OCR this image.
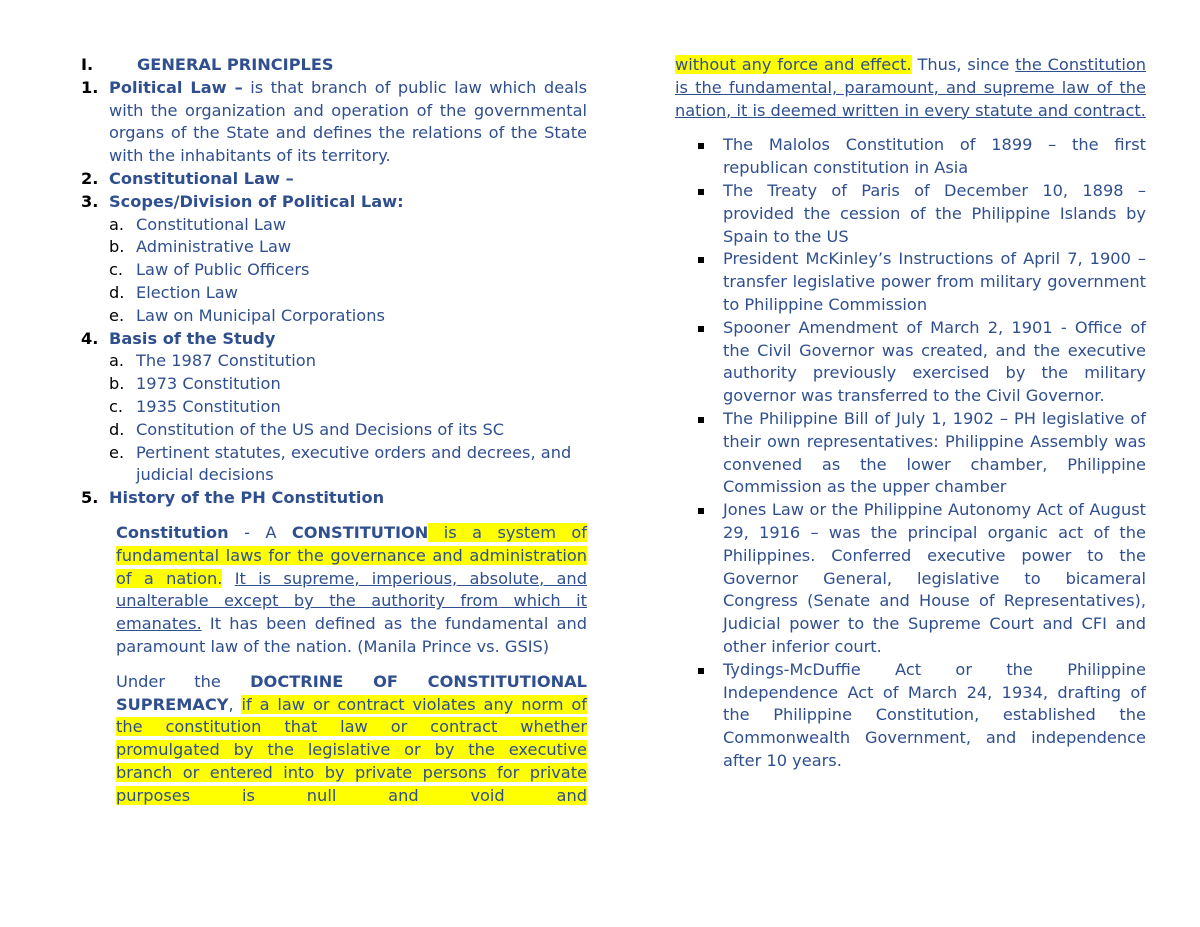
I.	GENERAL PRINCIPLES
1. Political Law – is that branch of public law which deals with the organization and operation of the governmental organs of the State and defines the relations of the State with the inhabitants of its territory.
2. Constitutional Law –
3. Scopes/Division of Political Law:
a. Constitutional Law
b. Administrative Law
c. Law of Public Officers
d. Election Law
e. Law on Municipal Corporations
4. Basis of the Study
a. The 1987 Constitution
b. 1973 Constitution
c. 1935 Constitution
d. Constitution of the US and Decisions of its SC
e. Pertinent statutes, executive orders and decrees, and judicial decisions
5. History of the PH Constitution
Constitution - A CONSTITUTION is a system of fundamental laws for the governance and administration of a nation. It is supreme, imperious, absolute, and unalterable except by the authority from which it emanates. It has been defined as the fundamental and paramount law of the nation. (Manila Prince vs. GSIS)
Under the DOCTRINE OF CONSTITUTIONAL SUPREMACY, if a law or contract violates any norm of the constitution that law or contract whether promulgated by the legislative or by the executive branch or entered into by private persons for private purposes is null and void and
without any force and effect. Thus, since the Constitution is the fundamental, paramount, and supreme law of the nation, it is deemed written in every statute and contract.
The Malolos Constitution of 1899 – the first republican constitution in Asia
The Treaty of Paris of December 10, 1898 – provided the cession of the Philippine Islands by Spain to the US
President McKinley’s Instructions of April 7, 1900 – transfer legislative power from military government to Philippine Commission
Spooner Amendment of March 2, 1901 - Office of the Civil Governor was created, and the executive authority previously exercised by the military governor was transferred to the Civil Governor.
The Philippine Bill of July 1, 1902 – PH legislative of their own representatives: Philippine Assembly was convened as the lower chamber, Philippine Commission as the upper chamber
Jones Law or the Philippine Autonomy Act of August 29, 1916 – was the principal organic act of the Philippines. Conferred executive power to the Governor General, legislative to bicameral Congress (Senate and House of Representatives), Judicial power to the Supreme Court and CFI and other inferior court.
Tydings-McDuffie Act or the Philippine Independence Act of March 24, 1934, drafting of the Philippine Constitution, established the Commonwealth Government, and independence after 10 years.
